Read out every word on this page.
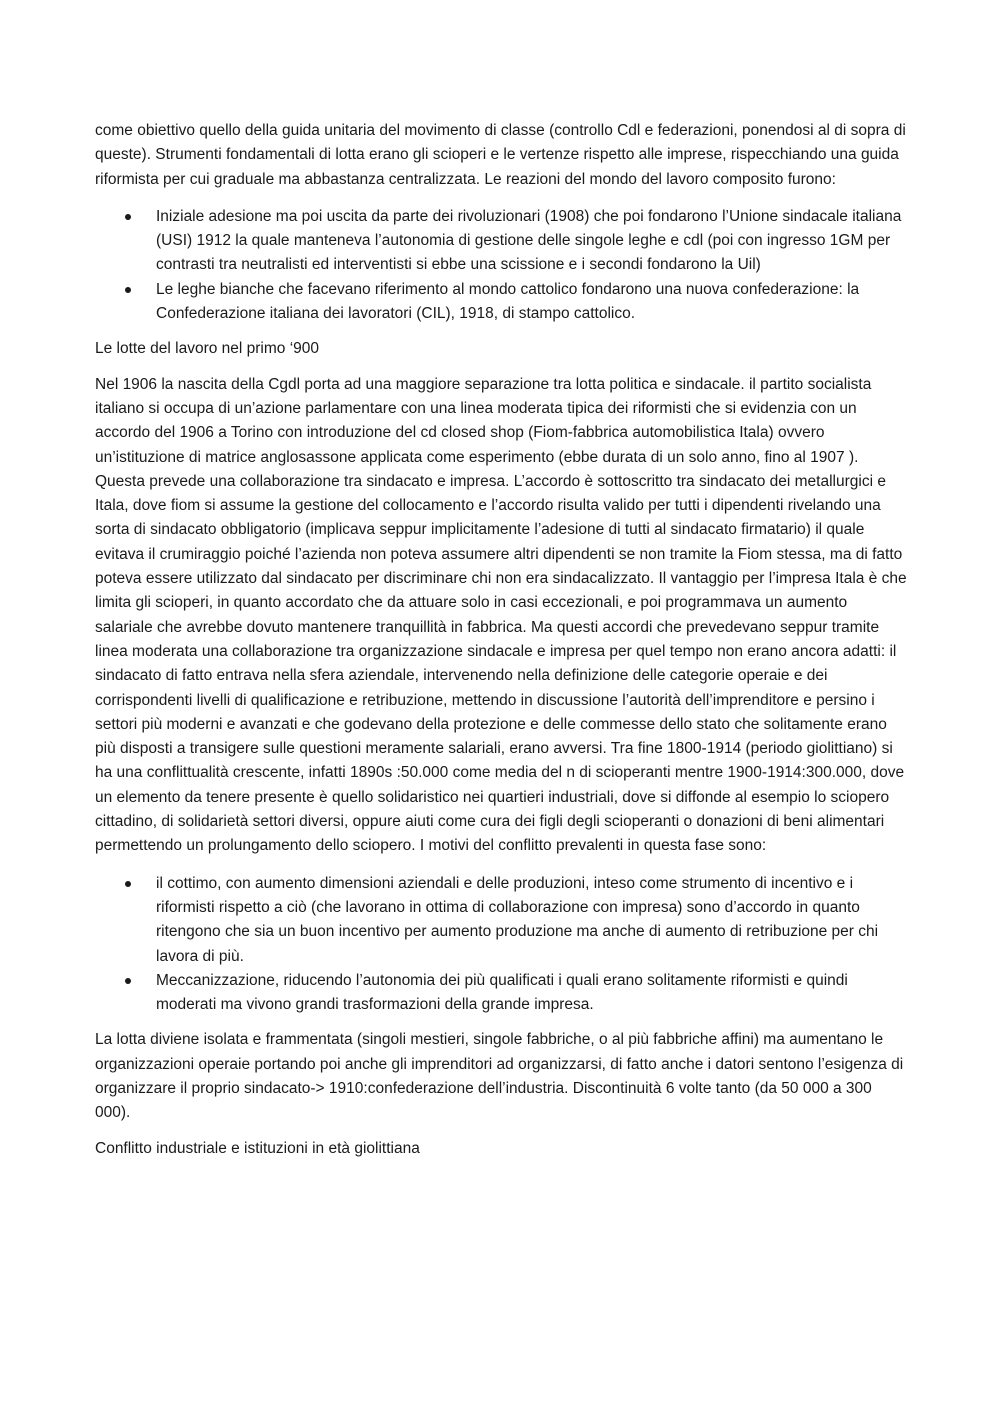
come obiettivo quello della guida unitaria del movimento di classe (controllo Cdl e federazioni, ponendosi al di sopra di queste). Strumenti fondamentali di lotta erano gli scioperi e le vertenze rispetto alle imprese, rispecchiando una guida riformista per cui graduale ma abbastanza centralizzata. Le reazioni del mondo del lavoro composito furono:

Iniziale adesione ma poi uscita da parte dei rivoluzionari (1908) che poi fondarono l’Unione sindacale italiana (USI) 1912 la quale manteneva l’autonomia di gestione delle singole leghe e cdl (poi con ingresso 1GM per contrasti tra neutralisti ed interventisti si ebbe una scissione e i secondi fondarono la Uil)
Le leghe bianche che facevano riferimento al mondo cattolico fondarono una nuova confederazione: la Confederazione italiana dei lavoratori (CIL), 1918, di stampo cattolico.

Le lotte del lavoro nel primo ‘900

Nel 1906 la nascita della Cgdl porta ad una maggiore separazione tra lotta politica e sindacale. il partito socialista italiano si occupa di un’azione parlamentare con una linea moderata tipica dei riformisti che si evidenzia con un accordo del 1906 a Torino con introduzione del cd closed shop (Fiom-fabbrica automobilistica Itala) ovvero un’istituzione di matrice anglosassone applicata come esperimento (ebbe durata di un solo anno, fino al 1907 ). Questa prevede una collaborazione tra sindacato e impresa. L’accordo è sottoscritto tra sindacato dei metallurgici e Itala, dove fiom si assume la gestione del collocamento e l’accordo risulta valido per tutti i dipendenti rivelando una sorta di sindacato obbligatorio (implicava seppur implicitamente l’adesione di tutti al sindacato firmatario) il quale evitava il crumiraggio poiché l’azienda non poteva assumere altri dipendenti se non tramite la Fiom stessa, ma di fatto poteva essere utilizzato dal sindacato per discriminare chi non era sindacalizzato. Il vantaggio per l’impresa Itala è che limita gli scioperi, in quanto accordato che da attuare solo in casi eccezionali, e poi programmava un aumento salariale che avrebbe dovuto mantenere tranquillità in fabbrica. Ma questi accordi che prevedevano seppur tramite linea moderata una collaborazione tra organizzazione sindacale e impresa per quel tempo non erano ancora adatti: il sindacato di fatto entrava nella sfera aziendale, intervenendo nella definizione delle categorie operaie e dei corrispondenti livelli di qualificazione e retribuzione, mettendo in discussione l’autorità dell’imprenditore e persino i settori più moderni e avanzati e che godevano della protezione e delle commesse dello stato che solitamente erano più disposti a transigere sulle questioni meramente salariali, erano avversi. Tra fine 1800-1914 (periodo giolittiano) si ha una conflittualità crescente, infatti 1890s :50.000 come media del n di scioperanti mentre 1900-1914:300.000, dove un elemento da tenere presente è quello solidaristico nei quartieri industriali, dove si diffonde al esempio lo sciopero cittadino, di solidarietà settori diversi, oppure aiuti come cura dei figli degli scioperanti o donazioni di beni alimentari permettendo un prolungamento dello sciopero. I motivi del conflitto prevalenti in questa fase sono:

il cottimo, con aumento dimensioni aziendali e delle produzioni, inteso come strumento di incentivo e i riformisti rispetto a ciò (che lavorano in ottima di collaborazione con impresa) sono d’accordo in quanto ritengono che sia un buon incentivo per aumento produzione ma anche di aumento di retribuzione per chi lavora di più.
Meccanizzazione, riducendo l’autonomia dei più qualificati i quali erano solitamente riformisti e quindi moderati ma vivono grandi trasformazioni della grande impresa.

La lotta diviene isolata e frammentata (singoli mestieri, singole fabbriche, o al più fabbriche affini) ma aumentano le organizzazioni operaie portando poi anche gli imprenditori ad organizzarsi, di fatto anche i datori sentono l’esigenza di organizzare il proprio sindacato-> 1910:confederazione dell’industria. Discontinuità 6 volte tanto (da 50 000 a 300 000).

Conflitto industriale e istituzioni in età giolittiana
